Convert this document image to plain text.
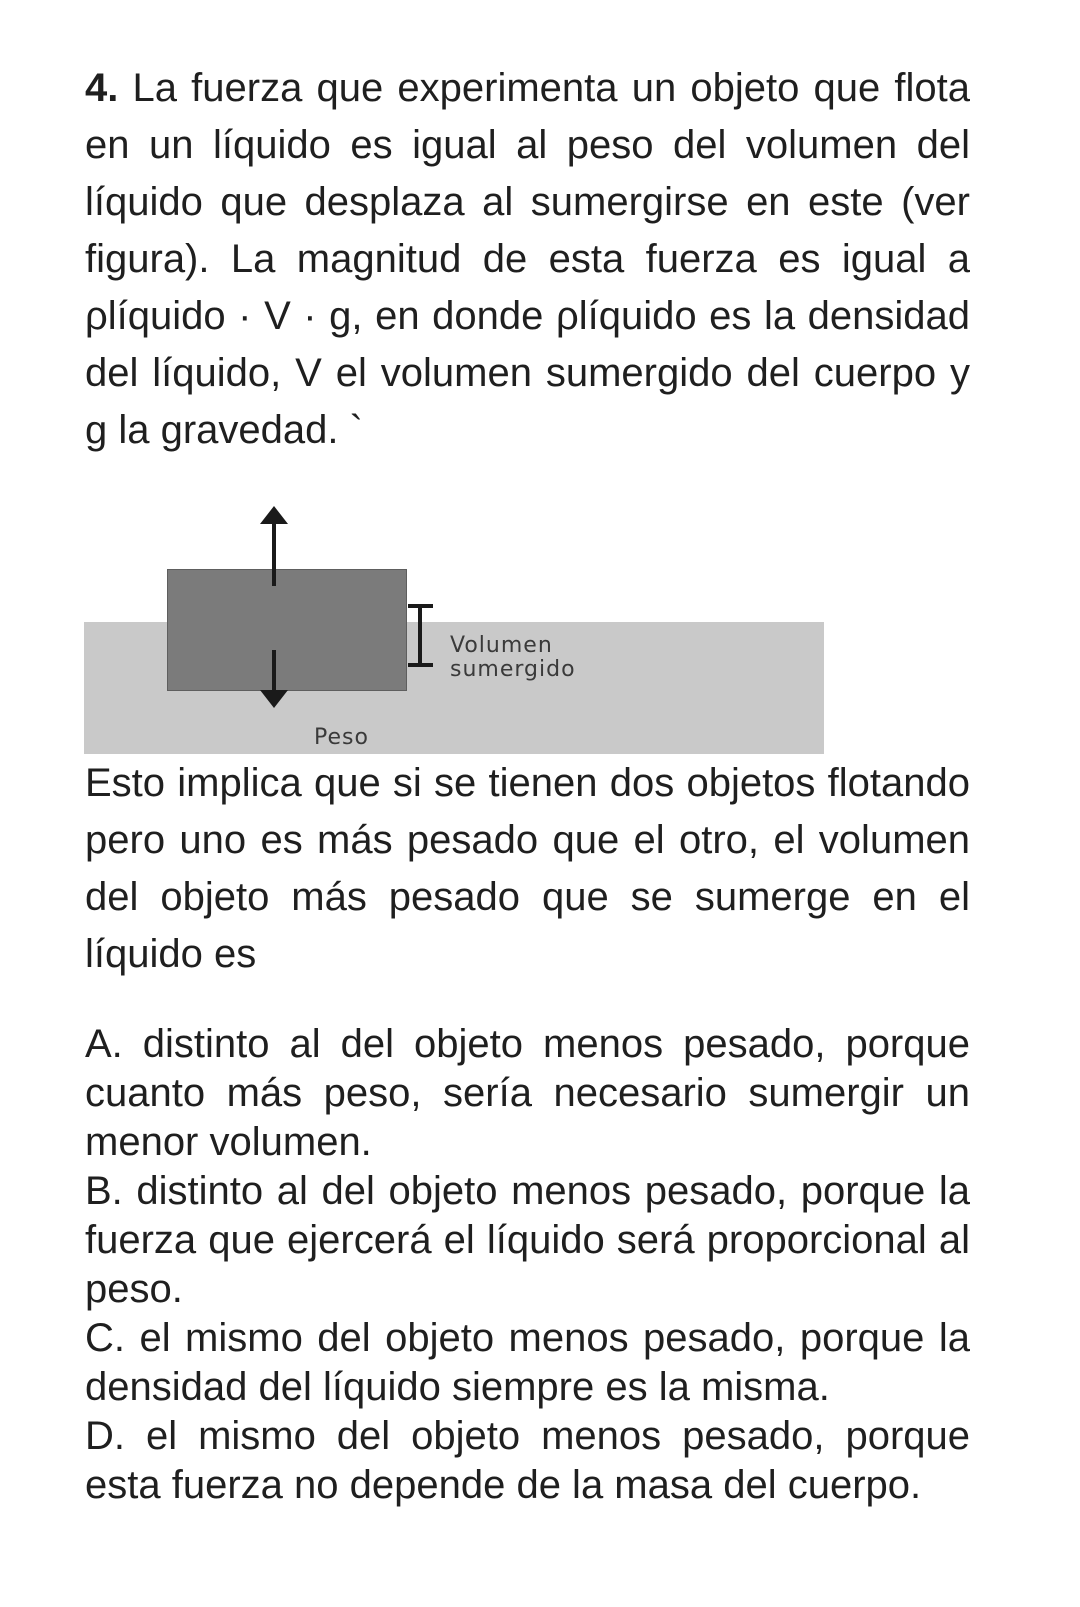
4. La fuerza que experimenta un objeto que flota en un líquido es igual al peso del volumen del líquido que desplaza al sumergirse en este (ver figura). La magnitud de esta fuerza es igual a ρlíquido · V · g, en donde ρlíquido es la densidad del líquido, V el volumen sumergido del cuerpo y g la gravedad. `

Volumen sumergido
Peso

Esto implica que si se tienen dos objetos flotando pero uno es más pesado que el otro, el volumen del objeto más pesado que se sumerge en el líquido es

A. distinto al del objeto menos pesado, porque cuanto más peso, sería necesario sumergir un menor volumen.

B. distinto al del objeto menos pesado, porque la fuerza que ejercerá el líquido será proporcional al peso.

C. el mismo del objeto menos pesado, porque la densidad del líquido siempre es la misma.

D. el mismo del objeto menos pesado, porque esta fuerza no depende de la masa del cuerpo.
